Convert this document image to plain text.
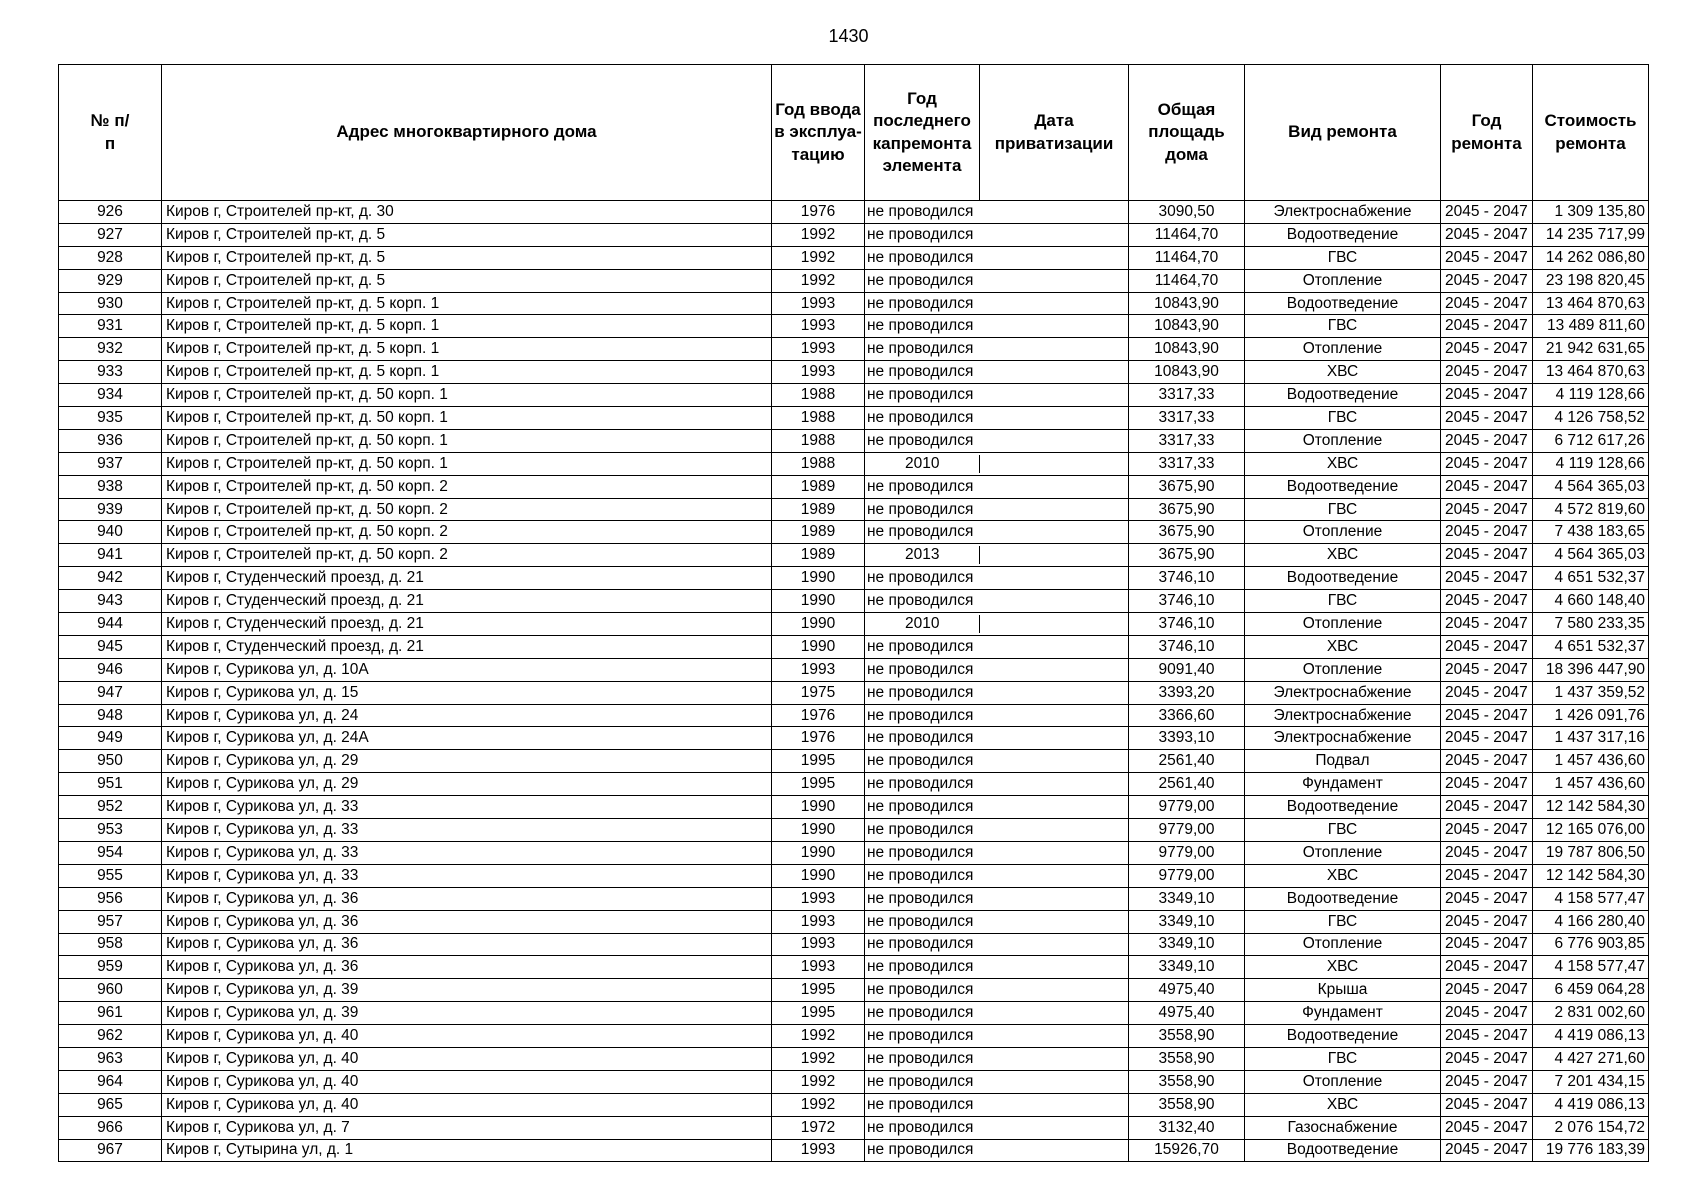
1430
№ п/п	Адрес многоквартирного дома	Год ввода в эксплуа-тацию	Год последнего капремонта элемента	Дата приватизации	Общая площадь дома	Вид ремонта	Год ремонта	Стоимость ремонта
926	Киров г, Строителей пр-кт, д. 30	1976	не проводился		3090,50	Электроснабжение	2045 - 2047	1 309 135,80
927	Киров г, Строителей пр-кт, д. 5	1992	не проводился		11464,70	Водоотведение	2045 - 2047	14 235 717,99
928	Киров г, Строителей пр-кт, д. 5	1992	не проводился		11464,70	ГВС	2045 - 2047	14 262 086,80
929	Киров г, Строителей пр-кт, д. 5	1992	не проводился		11464,70	Отопление	2045 - 2047	23 198 820,45
930	Киров г, Строителей пр-кт, д. 5 корп. 1	1993	не проводился		10843,90	Водоотведение	2045 - 2047	13 464 870,63
931	Киров г, Строителей пр-кт, д. 5 корп. 1	1993	не проводился		10843,90	ГВС	2045 - 2047	13 489 811,60
932	Киров г, Строителей пр-кт, д. 5 корп. 1	1993	не проводился		10843,90	Отопление	2045 - 2047	21 942 631,65
933	Киров г, Строителей пр-кт, д. 5 корп. 1	1993	не проводился		10843,90	ХВС	2045 - 2047	13 464 870,63
934	Киров г, Строителей пр-кт, д. 50 корп. 1	1988	не проводился		3317,33	Водоотведение	2045 - 2047	4 119 128,66
935	Киров г, Строителей пр-кт, д. 50 корп. 1	1988	не проводился		3317,33	ГВС	2045 - 2047	4 126 758,52
936	Киров г, Строителей пр-кт, д. 50 корп. 1	1988	не проводился		3317,33	Отопление	2045 - 2047	6 712 617,26
937	Киров г, Строителей пр-кт, д. 50 корп. 1	1988	2010		3317,33	ХВС	2045 - 2047	4 119 128,66
938	Киров г, Строителей пр-кт, д. 50 корп. 2	1989	не проводился		3675,90	Водоотведение	2045 - 2047	4 564 365,03
939	Киров г, Строителей пр-кт, д. 50 корп. 2	1989	не проводился		3675,90	ГВС	2045 - 2047	4 572 819,60
940	Киров г, Строителей пр-кт, д. 50 корп. 2	1989	не проводился		3675,90	Отопление	2045 - 2047	7 438 183,65
941	Киров г, Строителей пр-кт, д. 50 корп. 2	1989	2013		3675,90	ХВС	2045 - 2047	4 564 365,03
942	Киров г, Студенческий проезд, д. 21	1990	не проводился		3746,10	Водоотведение	2045 - 2047	4 651 532,37
943	Киров г, Студенческий проезд, д. 21	1990	не проводился		3746,10	ГВС	2045 - 2047	4 660 148,40
944	Киров г, Студенческий проезд, д. 21	1990	2010		3746,10	Отопление	2045 - 2047	7 580 233,35
945	Киров г, Студенческий проезд, д. 21	1990	не проводился		3746,10	ХВС	2045 - 2047	4 651 532,37
946	Киров г, Сурикова ул, д. 10А	1993	не проводился		9091,40	Отопление	2045 - 2047	18 396 447,90
947	Киров г, Сурикова ул, д. 15	1975	не проводился		3393,20	Электроснабжение	2045 - 2047	1 437 359,52
948	Киров г, Сурикова ул, д. 24	1976	не проводился		3366,60	Электроснабжение	2045 - 2047	1 426 091,76
949	Киров г, Сурикова ул, д. 24А	1976	не проводился		3393,10	Электроснабжение	2045 - 2047	1 437 317,16
950	Киров г, Сурикова ул, д. 29	1995	не проводился		2561,40	Подвал	2045 - 2047	1 457 436,60
951	Киров г, Сурикова ул, д. 29	1995	не проводился		2561,40	Фундамент	2045 - 2047	1 457 436,60
952	Киров г, Сурикова ул, д. 33	1990	не проводился		9779,00	Водоотведение	2045 - 2047	12 142 584,30
953	Киров г, Сурикова ул, д. 33	1990	не проводился		9779,00	ГВС	2045 - 2047	12 165 076,00
954	Киров г, Сурикова ул, д. 33	1990	не проводился		9779,00	Отопление	2045 - 2047	19 787 806,50
955	Киров г, Сурикова ул, д. 33	1990	не проводился		9779,00	ХВС	2045 - 2047	12 142 584,30
956	Киров г, Сурикова ул, д. 36	1993	не проводился		3349,10	Водоотведение	2045 - 2047	4 158 577,47
957	Киров г, Сурикова ул, д. 36	1993	не проводился		3349,10	ГВС	2045 - 2047	4 166 280,40
958	Киров г, Сурикова ул, д. 36	1993	не проводился		3349,10	Отопление	2045 - 2047	6 776 903,85
959	Киров г, Сурикова ул, д. 36	1993	не проводился		3349,10	ХВС	2045 - 2047	4 158 577,47
960	Киров г, Сурикова ул, д. 39	1995	не проводился		4975,40	Крыша	2045 - 2047	6 459 064,28
961	Киров г, Сурикова ул, д. 39	1995	не проводился		4975,40	Фундамент	2045 - 2047	2 831 002,60
962	Киров г, Сурикова ул, д. 40	1992	не проводился		3558,90	Водоотведение	2045 - 2047	4 419 086,13
963	Киров г, Сурикова ул, д. 40	1992	не проводился		3558,90	ГВС	2045 - 2047	4 427 271,60
964	Киров г, Сурикова ул, д. 40	1992	не проводился		3558,90	Отопление	2045 - 2047	7 201 434,15
965	Киров г, Сурикова ул, д. 40	1992	не проводился		3558,90	ХВС	2045 - 2047	4 419 086,13
966	Киров г, Сурикова ул, д. 7	1972	не проводился		3132,40	Газоснабжение	2045 - 2047	2 076 154,72
967	Киров г, Сутырина ул, д. 1	1993	не проводился		15926,70	Водоотведение	2045 - 2047	19 776 183,39
